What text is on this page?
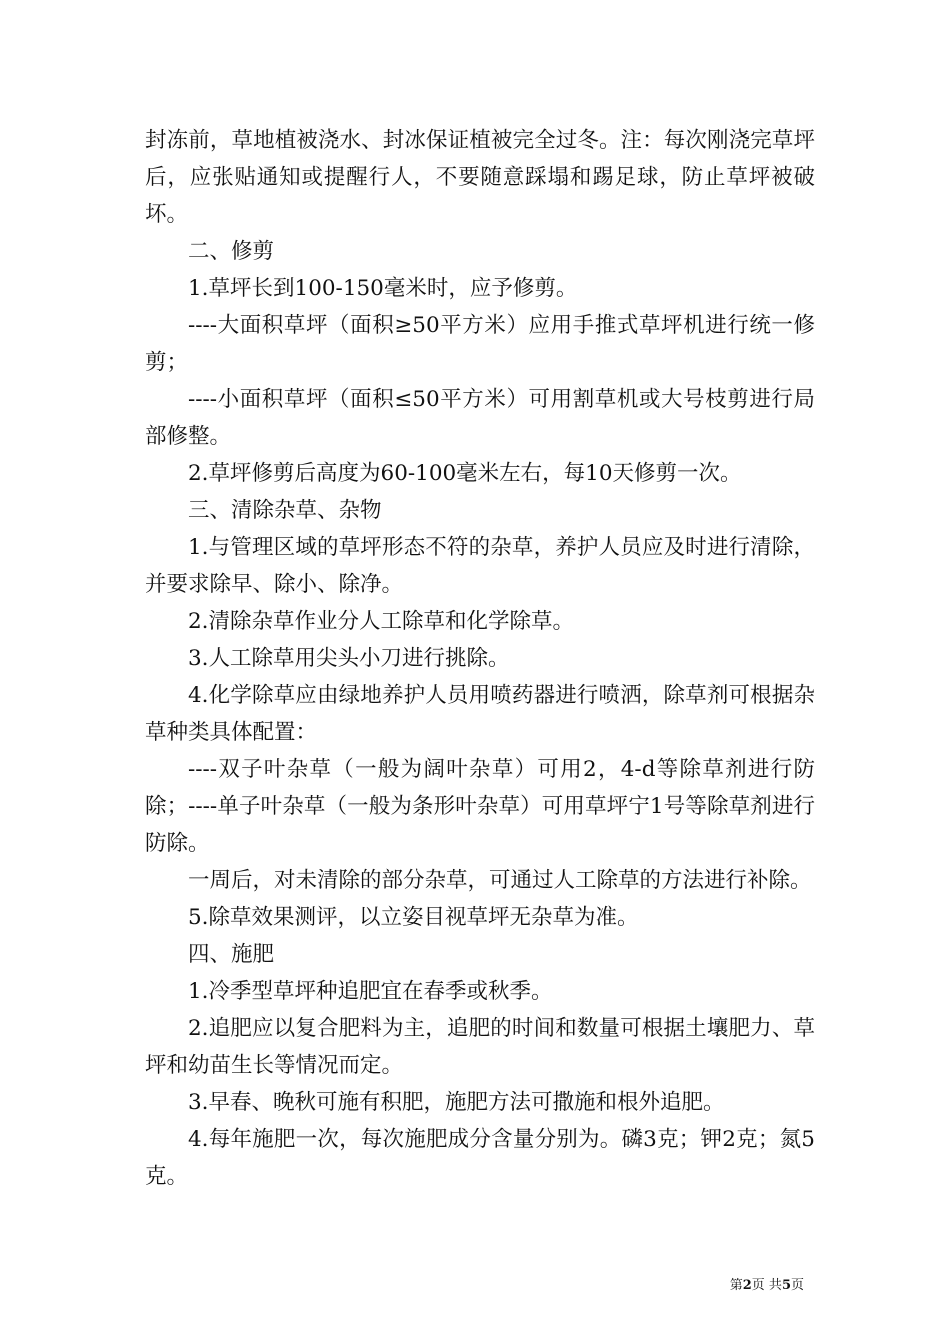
封冻前，草地植被浇水、封冰保证植被完全过冬。注：每次刚浇完草坪后，应张贴通知或提醒行人，不要随意踩塌和踢足球，防止草坪被破坏。

二、修剪

1.草坪长到100-150毫米时，应予修剪。

----大面积草坪（面积≥50平方米）应用手推式草坪机进行统一修剪；

----小面积草坪（面积≤50平方米）可用割草机或大号枝剪进行局部修整。

2.草坪修剪后高度为60-100毫米左右，每10天修剪一次。

三、清除杂草、杂物

1.与管理区域的草坪形态不符的杂草，养护人员应及时进行清除，并要求除早、除小、除净。

2.清除杂草作业分人工除草和化学除草。

3.人工除草用尖头小刀进行挑除。

4.化学除草应由绿地养护人员用喷药器进行喷洒，除草剂可根据杂草种类具体配置：

----双子叶杂草（一般为阔叶杂草）可用2，4-d等除草剂进行防除；----单子叶杂草（一般为条形叶杂草）可用草坪宁1号等除草剂进行防除。

一周后，对未清除的部分杂草，可通过人工除草的方法进行补除。

5.除草效果测评，以立姿目视草坪无杂草为准。

四、施肥

1.冷季型草坪种追肥宜在春季或秋季。

2.追肥应以复合肥料为主，追肥的时间和数量可根据土壤肥力、草坪和幼苗生长等情况而定。

3.早春、晚秋可施有积肥，施肥方法可撒施和根外追肥。

4.每年施肥一次，每次施肥成分含量分别为。磷3克；钾2克；氮5克。

第2页 共5页
